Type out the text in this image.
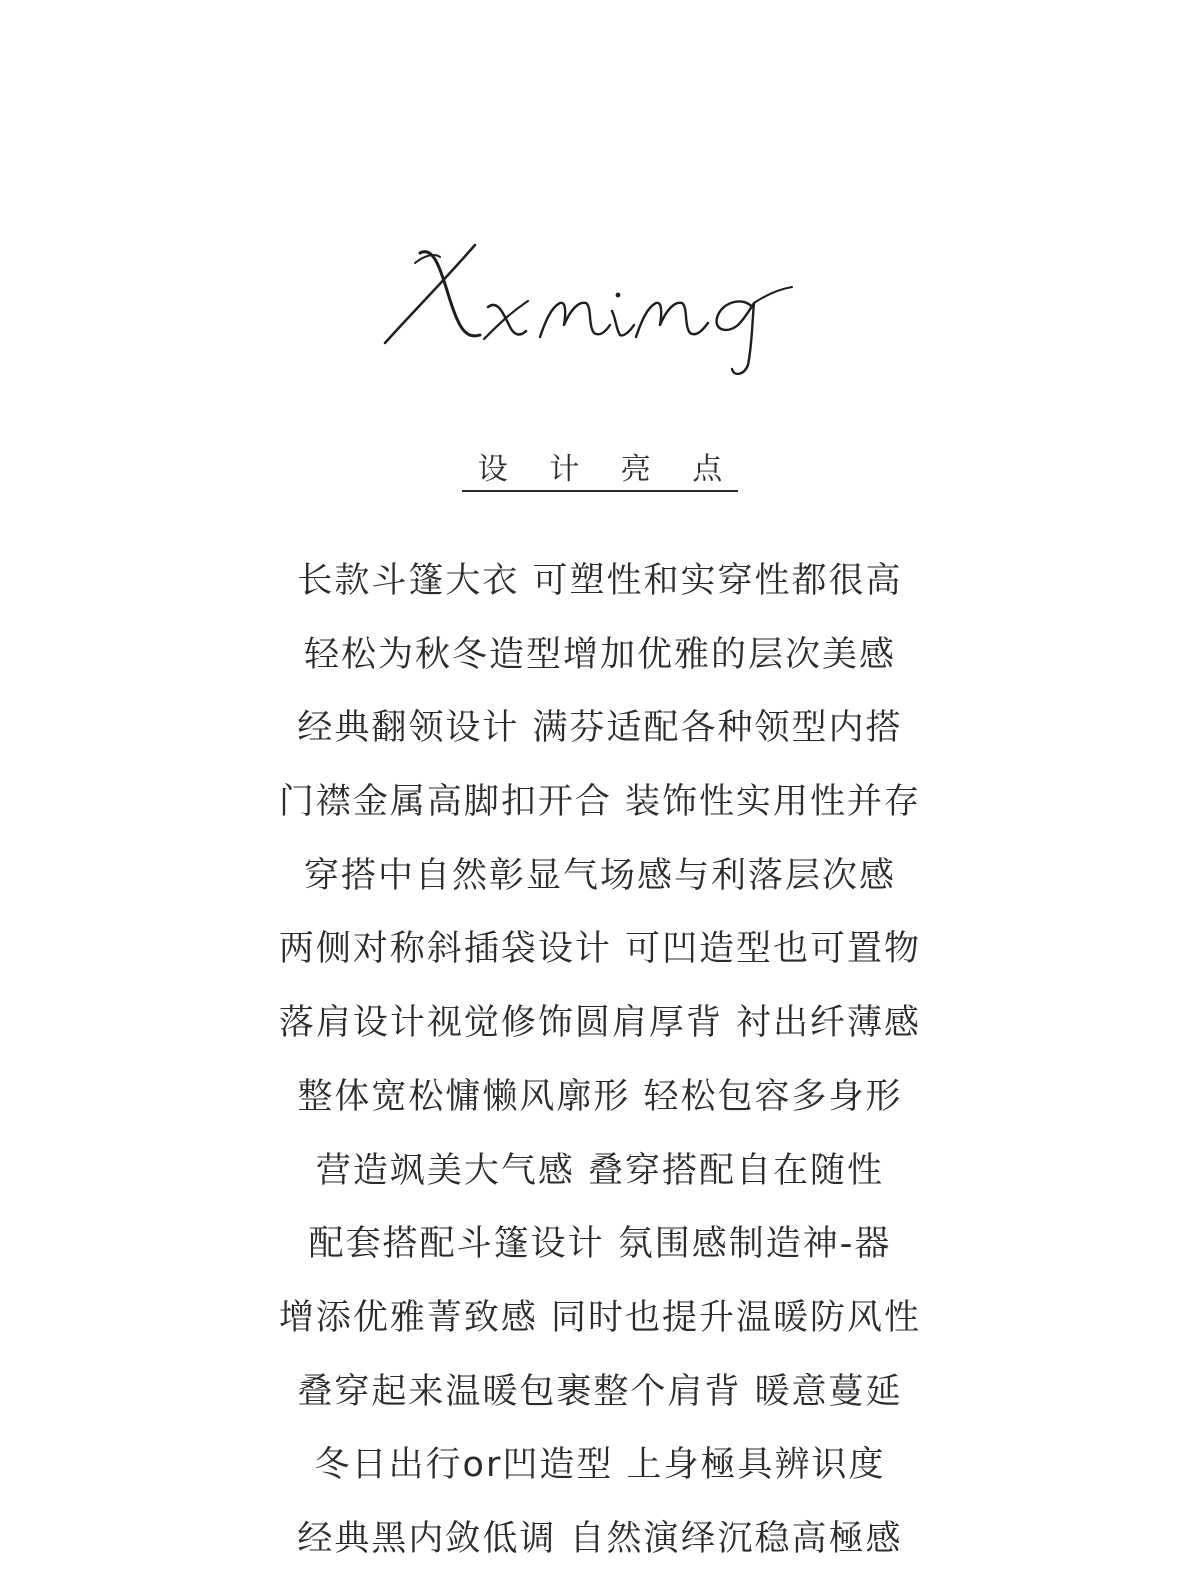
设 计 亮 点
长款斗篷大衣 可塑性和实穿性都很高
轻松为秋冬造型增加优雅的层次美感
经典翻领设计 满芬适配各种领型内搭
门襟金属高脚扣开合 装饰性实用性并存
穿搭中自然彰显气场感与利落层次感
两侧对称斜插袋设计 可凹造型也可置物
落肩设计视觉修饰圆肩厚背 衬出纤薄感
整体宽松慵懒风廓形 轻松包容多身形
营造飒美大气感 叠穿搭配自在随性
配套搭配斗篷设计 氛围感制造神-器
增添优雅菁致感 同时也提升温暖防风性
叠穿起来温暖包裹整个肩背 暖意蔓延
冬日出行or凹造型 上身極具辨识度
经典黑内敛低调 自然演绎沉稳高極感
